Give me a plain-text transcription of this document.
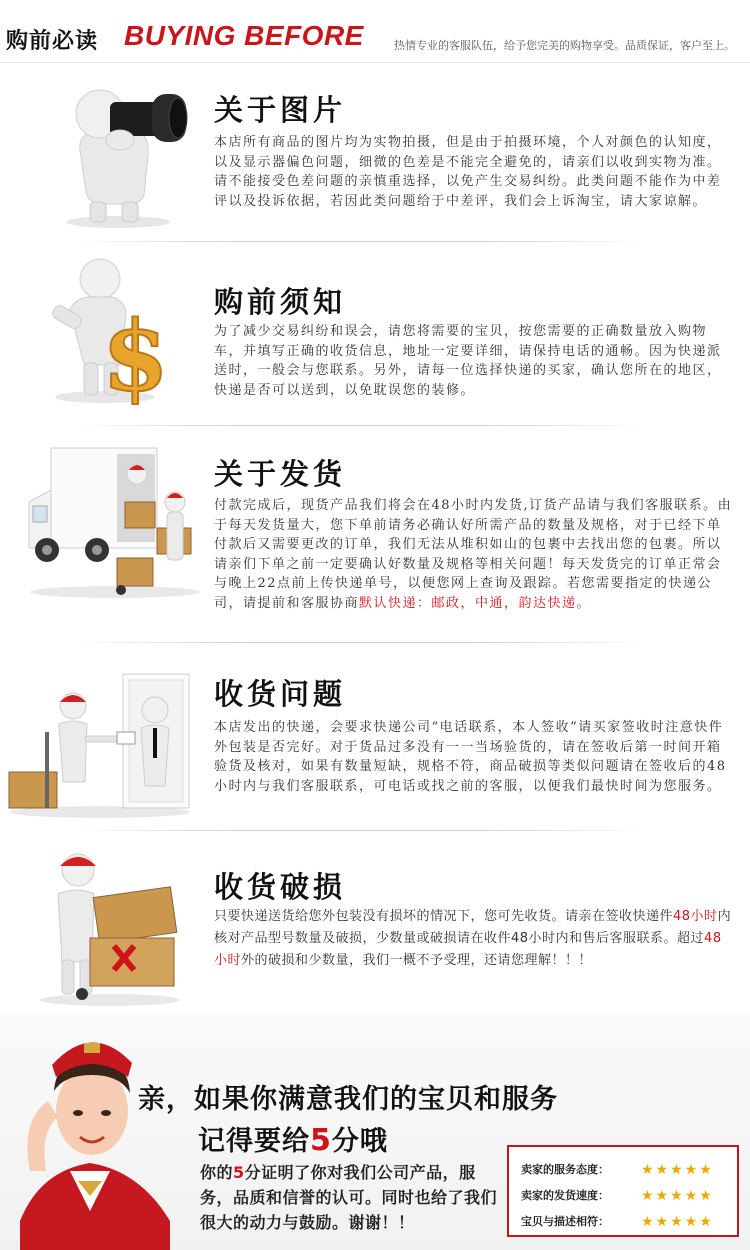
购前必读 BUYING BEFORE	热情专业的客服队伍，给予您完美的购物享受。品质保证，客户至上。
关于图片
本店所有商品的图片均为实物拍摄，但是由于拍摄环境，个人对颜色的认知度，以及显示器偏色问题，细微的色差是不能完全避免的，请亲们以收到实物为准。请不能接受色差问题的亲慎重选择，以免产生交易纠纷。此类问题不能作为中差评以及投诉依据，若因此类问题给于中差评，我们会上诉淘宝，请大家谅解。
$ 购前须知
为了减少交易纠纷和误会，请您将需要的宝贝，按您需要的正确数量放入购物车，并填写正确的收货信息，地址一定要详细，请保持电话的通畅。因为快递派送时，一般会与您联系。另外，请每一位选择快递的买家，确认您所在的地区，快递是否可以送到，以免耽误您的装修。
关于发货
付款完成后，现货产品我们将会在48小时内发货,订货产品请与我们客服联系。由于每天发货量大，您下单前请务必确认好所需产品的数量及规格，对于已经下单付款后又需要更改的订单，我们无法从堆积如山的包裹中去找出您的包裹。所以请亲们下单之前一定要确认好数量及规格等相关问题！每天发货完的订单正常会与晚上22点前上传快递单号，以便您网上查询及跟踪。若您需要指定的快递公司，请提前和客服协商默认快递：邮政，中通，韵达快递。
收货问题
本店发出的快递，会要求快递公司“电话联系，本人签收”请买家签收时注意快件外包装是否完好。对于货品过多没有一一当场验货的，请在签收后第一时间开箱验货及核对，如果有数量短缺，规格不符，商品破损等类似问题请在签收后的48小时内与我们客服联系，可电话或找之前的客服，以便我们最快时间为您服务。
收货破损
只要快递送货给您外包装没有损坏的情况下，您可先收货。请亲在签收快递件48小时内核对产品型号数量及破损，少数量或破损请在收件48小时内和售后客服联系。超过48小时外的破损和少数量，我们一概不予受理，还请您理解！！！
亲，如果你满意我们的宝贝和服务
记得要给5分哦
你的5分证明了你对我们公司产品，服务，品质和信誉的认可。同时也给了我们很大的动力与鼓励。谢谢！！
卖家的服务态度： ★★★★★
卖家的发货速度： ★★★★★
宝贝与描述相符： ★★★★★
